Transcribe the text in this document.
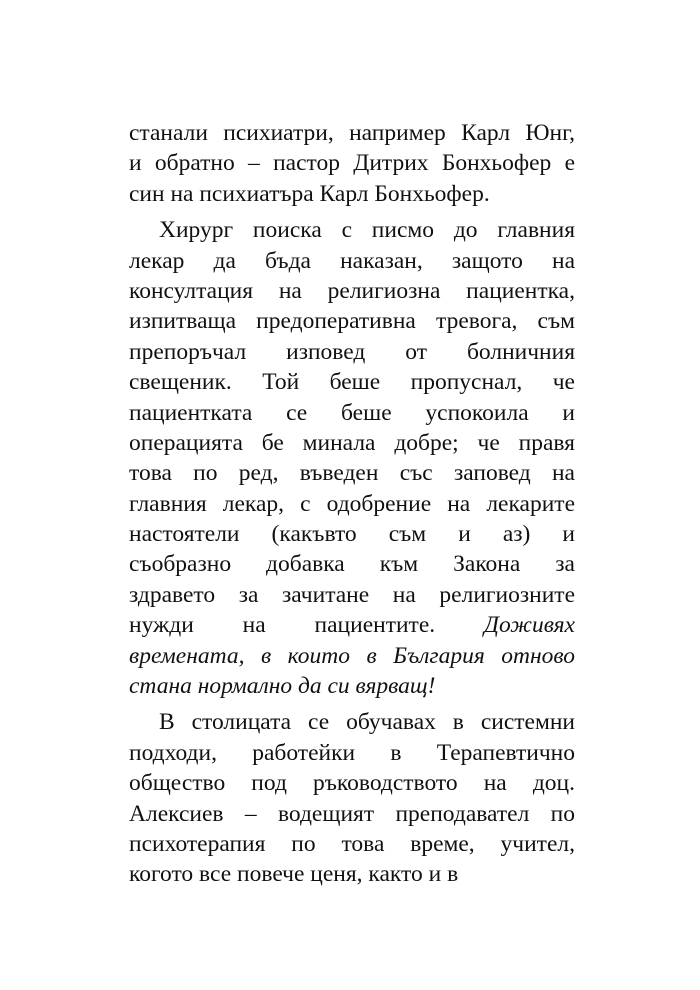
станали психиатри, например Карл Юнг,
и обратно – пастор Дитрих Бонхьофер е
син на психиатъра Карл Бонхьофер.
Хирург поиска с писмо до главния
лекар да бъда наказан, защото на
консултация на религиозна пациентка,
изпитваща предоперативна тревога, съм
препоръчал изповед от болничния
свещеник. Той беше пропуснал, че
пациентката се беше успокоила и
операцията бе минала добре; че правя
това по ред, въведен със заповед на
главния лекар, с одобрение на лекарите
настоятели (какъвто съм и аз) и
съобразно добавка към Закона за
здравето за зачитане на религиозните
нужди на пациентите. Доживях
времената, в които в България отново
стана нормално да си вярващ!
В столицата се обучавах в системни
подходи, работейки в Терапевтично
общество под ръководството на доц.
Алексиев – водещият преподавател по
психотерапия по това време, учител,
когото все повече ценя, както и в
